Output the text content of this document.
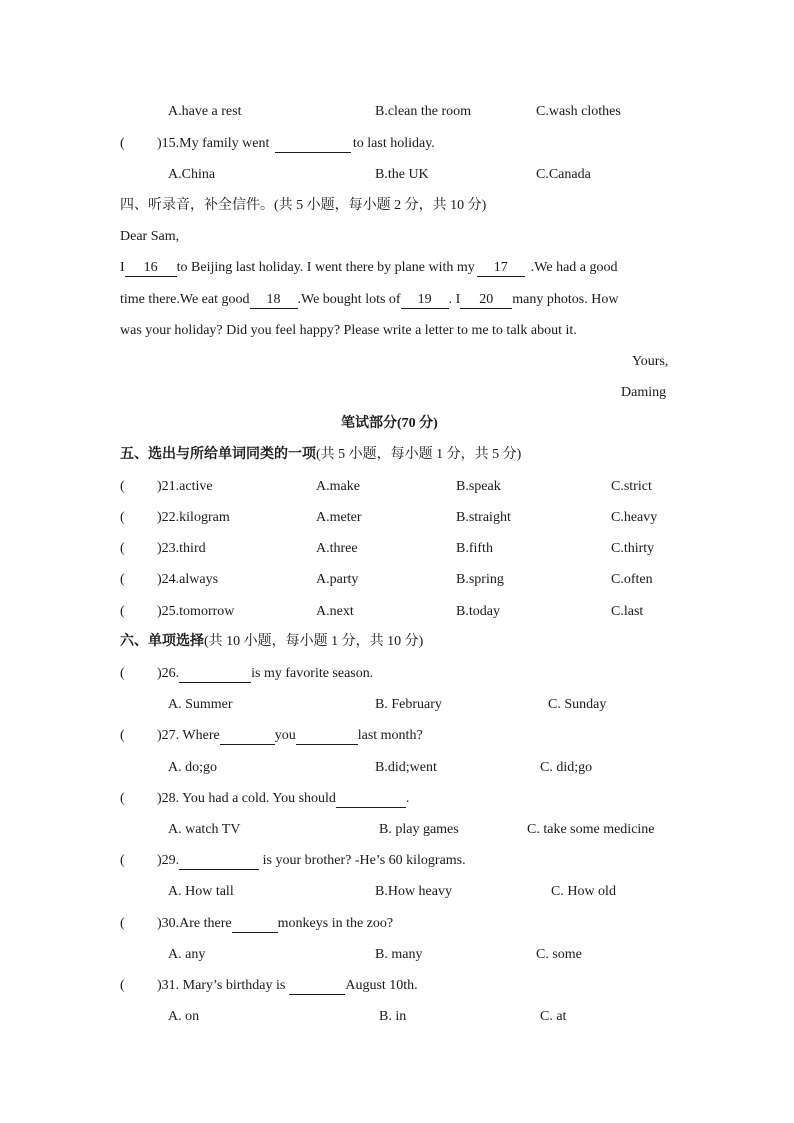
A.have a rest	B.clean the room	C.wash clothes
( )15.My family went	to last holiday.
A.China	B.the UK	C.Canada
四、听录音，补全信件。(共 5 小题，每小题 2 分，共 10 分)
Dear Sam,
I 16 to Beijing last holiday. I went there by plane with my 17 .We had a good
time there.We eat good 18 .We bought lots of 19 . I 20 many photos. How
was your holiday? Did you feel happy? Please write a letter to me to talk about it.
Yours,
Daming
笔试部分(70 分)
五、选出与所给单词同类的一项(共 5 小题，每小题 1 分，共 5 分)
( )21.active	A.make	B.speak	C.strict
( )22.kilogram	A.meter	B.straight	C.heavy
( )23.third	A.three	B.fifth	C.thirty
( )24.always	A.party	B.spring	C.often
( )25.tomorrow	A.next	B.today	C.last
六、单项选择(共 10 小题，每小题 1 分，共 10 分)
( )26.	is my favorite season.
A. Summer	B. February	C. Sunday
( )27. Where	you	last month?
A. do;go	B.did;went	C. did;go
( )28. You had a cold. You should	.
A. watch TV	B. play games	C. take some medicine
( )29.	is your brother? -He’s 60 kilograms.
A. How tall	B.How heavy	C. How old
( )30.Are there	monkeys in the zoo?
A. any	B. many	C. some
( )31. Mary’s birthday is	August 10th.
A. on	B. in	C. at
